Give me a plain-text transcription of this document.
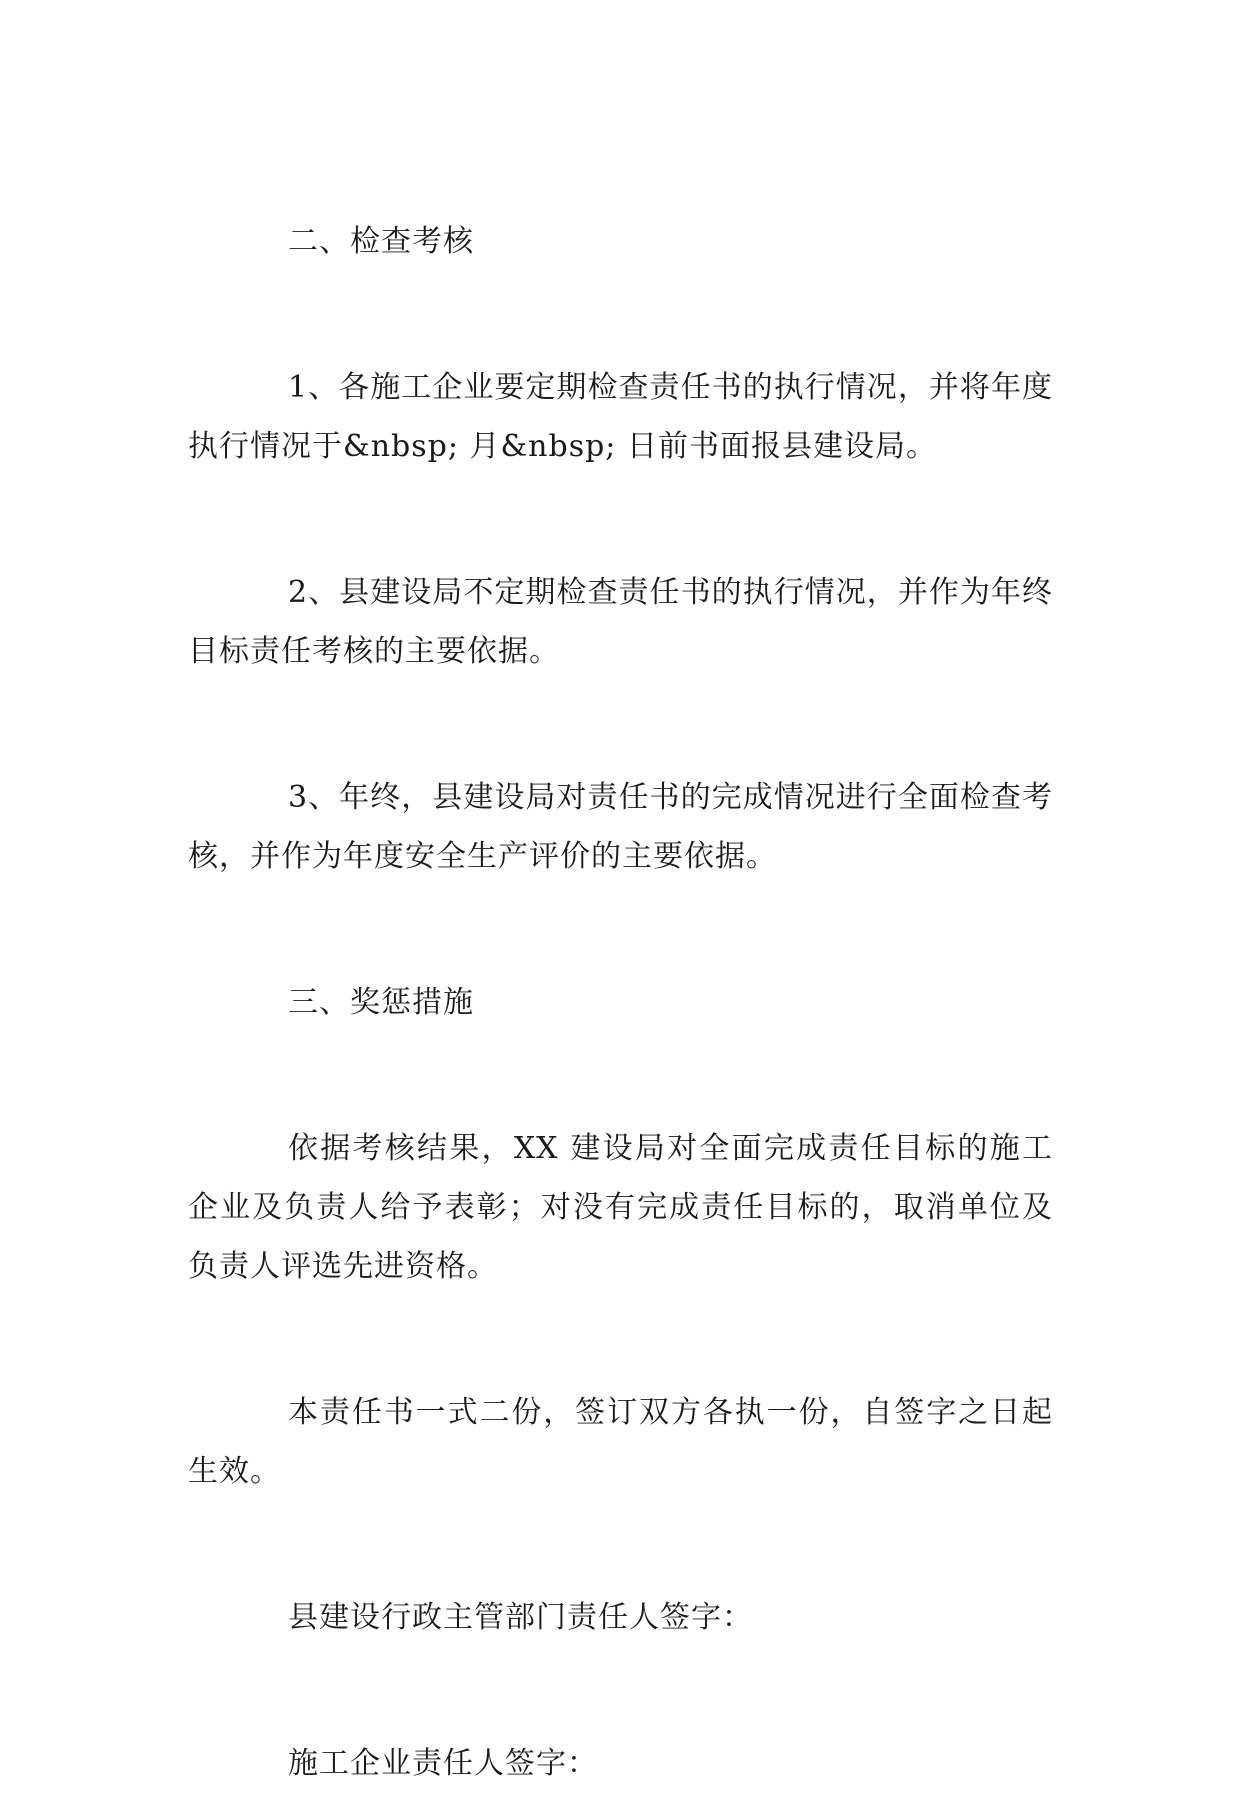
二、检查考核

1、各施工企业要定期检查责任书的执行情况，并将年度执行情况于&nbsp; 月&nbsp; 日前书面报县建设局。

2、县建设局不定期检查责任书的执行情况，并作为年终目标责任考核的主要依据。

3、年终，县建设局对责任书的完成情况进行全面检查考核，并作为年度安全生产评价的主要依据。

三、奖惩措施

依据考核结果，XX 建设局对全面完成责任目标的施工企业及负责人给予表彰；对没有完成责任目标的，取消单位及负责人评选先进资格。

本责任书一式二份，签订双方各执一份，自签字之日起生效。

县建设行政主管部门责任人签字：

施工企业责任人签字：
